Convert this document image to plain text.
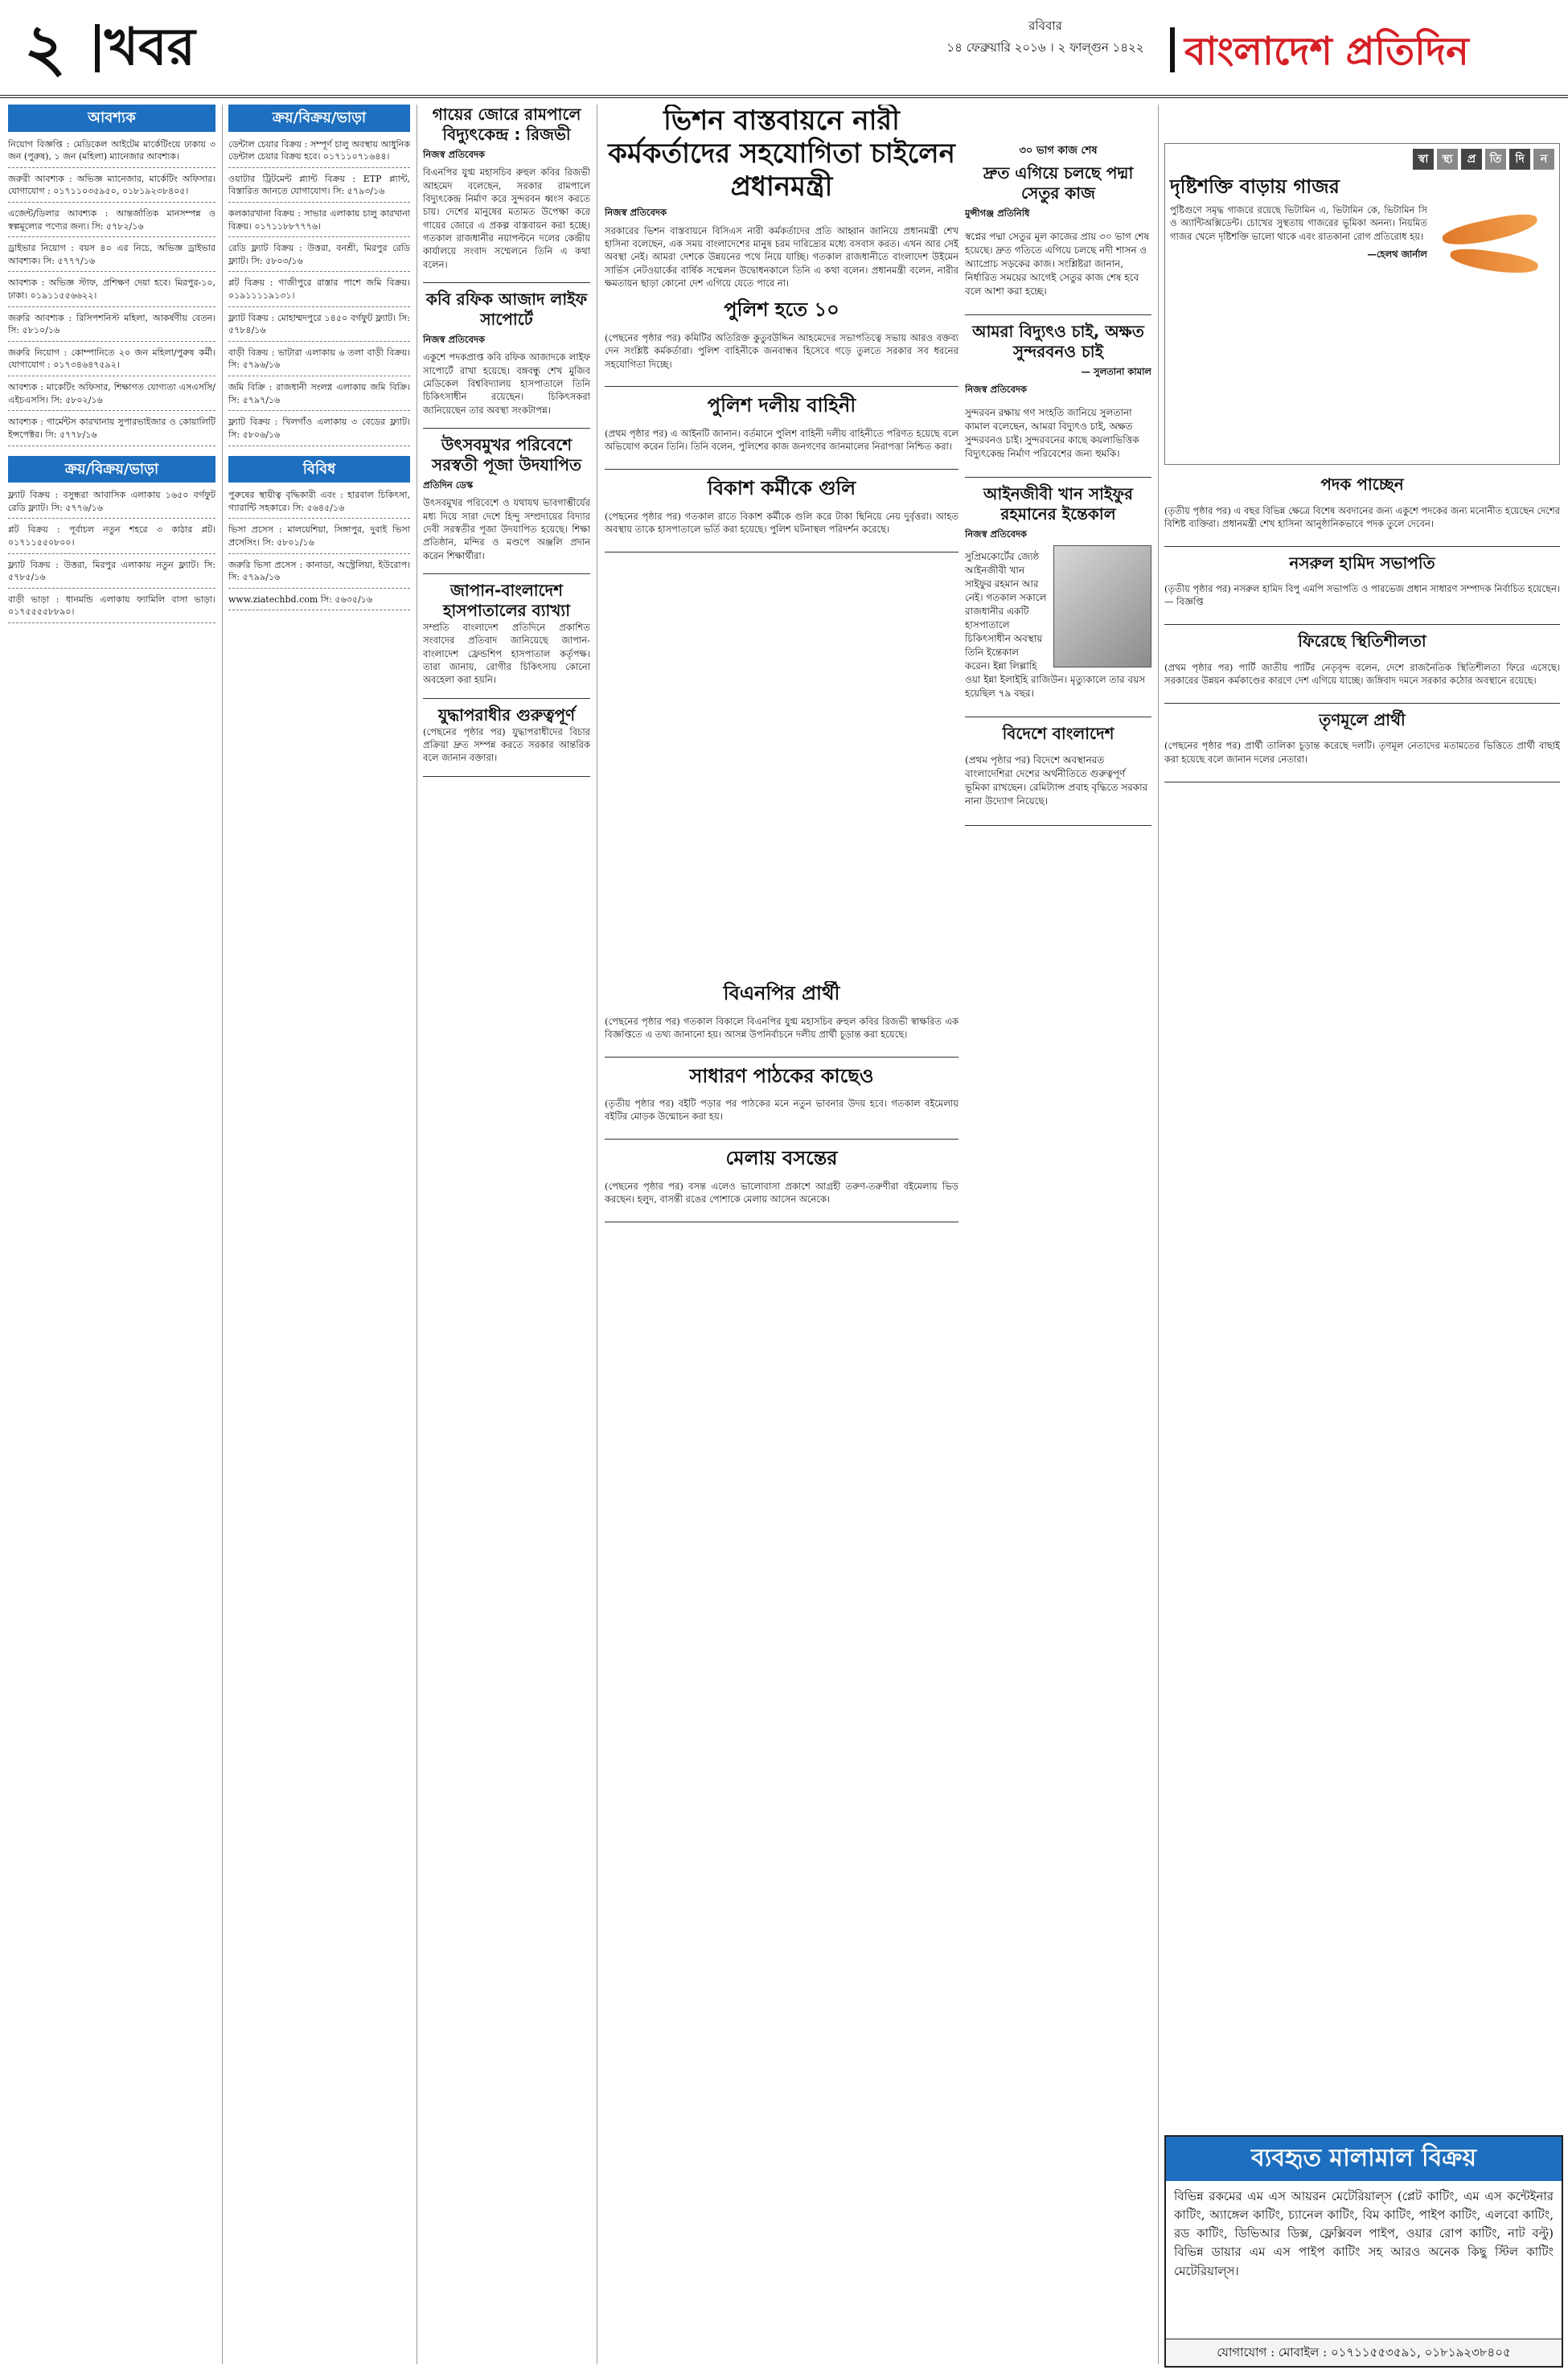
২ খবর	রবিবার
১৪ ফেব্রুয়ারি ২০১৬ । ২ ফাল্গুন ১৪২২	বাংলাদেশ প্রতিদিন
আবশ্যক
নিয়োগ বিজ্ঞপ্তি : মেডিকেল আইটেম মার্কেটিংয়ে ঢাকায় ৩ জন (পুরুষ), ১ জন (মহিলা) ম্যানেজার আবশ্যক।
জরুরী আবশ্যক : অভিজ্ঞ ম্যানেজার, মার্কেটিং অফিসার। যোগাযোগ : ০১৭১১০৩৫৯৫০, ০১৮১৯২৩৮৪০৫।
এজেন্ট/ডিলার আবশ্যক : আন্তর্জাতিক মানসম্পন্ন ও স্বল্পমূল্যের পণ্যের জন্য। সি: ৫৭৮২/১৬
ড্রাইভার নিয়োগ : বয়স ৪০ এর নিচে, অভিজ্ঞ ড্রাইভার আবশ্যক। সি: ৫৭৭৭/১৬
আবশ্যক : অভিজ্ঞ স্টাফ, প্রশিক্ষণ দেয়া হবে। মিরপুর-১০, ঢাকা। ০১৯১১৫৫৬৬২২।
জরুরি আবশ্যক : রিসিপশনিস্ট মহিলা, আকর্ষণীয় বেতন। সি: ৫৮১০/১৬
জরুরি নিয়োগ : কোম্পানিতে ২০ জন মহিলা/পুরুষ কর্মী। যোগাযোগ : ০১৭৩৪৬৪৭৫৯২।
আবশ্যক : মাকেটিং অফিসার, শিক্ষাগত যোগ্যতা এসএসসি/এইচএসসি। সি: ৫৮০২/১৬
আবশ্যক : গার্মেন্টস কারখানায় সুপারভাইজার ও কোয়ালিটি ইন্সপেক্টর। সি: ৫৭৭৮/১৬
ক্রয়/বিক্রয়/ভাড়া
ফ্ল্যাট বিক্রয় : বসুন্ধরা আবাসিক এলাকায় ১৬৫০ বর্গফুট রেডি ফ্ল্যাট। সি: ৫৭৭৬/১৬
প্লট বিক্রয় : পূর্বাচল নতুন শহরে ৩ কাঠার প্লট। ০১৭১১৫৫০৮০০।
ফ্ল্যাট বিক্রয় : উত্তরা, মিরপুর এলাকায় নতুন ফ্ল্যাট। সি: ৫৭৮৫/১৬
বাড়ী ভাড়া : ধানমন্ডি এলাকায় ফ্যামিলি বাসা ভাড়া। ০১৭৫৫৫৫৮৮৯০।
ক্রয়/বিক্রয়/ভাড়া
ডেন্টাল চেয়ার বিক্রয় : সম্পূর্ণ চালু অবস্থায় আধুনিক ডেন্টাল চেয়ার বিক্রয় হবে। ০১৭১১০৭১৬৪৪।
ওয়াটার ট্রিটমেন্ট প্ল্যান্ট বিক্রয় : ETP প্ল্যান্ট, বিস্তারিত জানতে যোগাযোগ। সি: ৫৭৯৩/১৬
কলকারখানা বিক্রয় : সাভার এলাকায় চালু কারখানা বিক্রয়। ০১৭১১৮৮৭৭৭৬।
রেডি ফ্ল্যাট বিক্রয় : উত্তরা, বনশ্রী, মিরপুর রেডি ফ্ল্যাট। সি: ৫৮০৩/১৬
প্লট বিক্রয় : গাজীপুরে রাস্তার পাশে জমি বিক্রয়। ০১৯১১১১৯১৩১।
ফ্ল্যাট বিক্রয় : মোহাম্মদপুরে ১৪৫০ বর্গফুট ফ্ল্যাট। সি: ৫৭৮৪/১৬
বাড়ী বিক্রয় : ভাটারা এলাকায় ৬ তলা বাড়ী বিক্রয়। সি: ৫৭৯৬/১৬
জমি বিক্রি : রাজধানী সংলগ্ন এলাকায় জমি বিক্রি। সি: ৫৭৯৭/১৬
ফ্ল্যাট বিক্রয় : খিলগাঁও এলাকায় ৩ বেডের ফ্ল্যাট। সি: ৫৮০৬/১৬
বিবিধ
পুরুষের স্থায়ীত্ব বৃদ্ধিকারী এবং : হারবাল চিকিৎসা, গ্যারান্টি সহকারে। সি: ৫৬৪৫/১৬
ভিসা প্রসেস : মালয়েশিয়া, সিঙ্গাপুর, দুবাই ভিসা প্রসেসিং। সি: ৫৮০১/১৬
জরুরি ভিসা প্রসেস : কানাডা, অস্ট্রেলিয়া, ইউরোপ। সি: ৫৭৯৯/১৬
www.ziatechbd.com সি: ৫৬৩৫/১৬
গায়ের জোরে রামপালে বিদ্যুৎকেন্দ্র : রিজভী
নিজস্ব প্রতিবেদক

বিএনপির যুগ্ম মহাসচিব রুহুল কবির রিজভী আহমেদ বলেছেন, সরকার রামপালে বিদ্যুৎকেন্দ্র নির্মাণ করে সুন্দরবন ধ্বংস করতে চায়। দেশের মানুষের মতামত উপেক্ষা করে গায়ের জোরে এ প্রকল্প বাস্তবায়ন করা হচ্ছে। গতকাল রাজধানীর নয়াপল্টনে দলের কেন্দ্রীয় কার্যালয়ে সংবাদ সম্মেলনে তিনি এ কথা বলেন।

কবি রফিক আজাদ লাইফ সাপোর্টে
নিজস্ব প্রতিবেদক

একুশে পদকপ্রাপ্ত কবি রফিক আজাদকে লাইফ সাপোর্টে রাখা হয়েছে। বঙ্গবন্ধু শেখ মুজিব মেডিকেল বিশ্ববিদ্যালয় হাসপাতালে তিনি চিকিৎসাধীন রয়েছেন। চিকিৎসকরা জানিয়েছেন তার অবস্থা সংকটাপন্ন।

উৎসবমুখর পরিবেশে সরস্বতী পূজা উদযাপিত
প্রতিদিন ডেস্ক

উৎসবমুখর পরিবেশে ও যথাযথ ভাবগাম্ভীর্যের মধ্য দিয়ে সারা দেশে হিন্দু সম্প্রদায়ের বিদ্যার দেবী সরস্বতীর পূজা উদযাপিত হয়েছে। শিক্ষা প্রতিষ্ঠান, মন্দির ও মণ্ডপে অঞ্জলি প্রদান করেন শিক্ষার্থীরা।

জাপান-বাংলাদেশ হাসপাতালের ব্যাখ্যা

সম্প্রতি বাংলাদেশ প্রতিদিনে প্রকাশিত সংবাদের প্রতিবাদ জানিয়েছে জাপান-বাংলাদেশ ফ্রেন্ডশিপ হাসপাতাল কর্তৃপক্ষ। তারা জানায়, রোগীর চিকিৎসায় কোনো অবহেলা করা হয়নি।

যুদ্ধাপরাধীর গুরুত্বপূর্ণ

(পেছনের পৃষ্ঠার পর) যুদ্ধাপরাধীদের বিচার প্রক্রিয়া দ্রুত সম্পন্ন করতে সরকার আন্তরিক বলে জানান বক্তারা।

ভিশন বাস্তবায়নে নারী কর্মকর্তাদের সহযোগিতা চাইলেন প্রধানমন্ত্রী
নিজস্ব প্রতিবেদক

সরকারের ভিশন বাস্তবায়নে বিসিএস নারী কর্মকর্তাদের প্রতি আহ্বান জানিয়ে প্রধানমন্ত্রী শেখ হাসিনা বলেছেন, এক সময় বাংলাদেশের মানুষ চরম দারিদ্র্যের মধ্যে বসবাস করত। এখন আর সেই অবস্থা নেই। আমরা দেশকে উন্নয়নের পথে নিয়ে যাচ্ছি। গতকাল রাজধানীতে বাংলাদেশ উইমেন সার্ভিস নেটওয়ার্কের বার্ষিক সম্মেলন উদ্বোধনকালে তিনি এ কথা বলেন। প্রধানমন্ত্রী বলেন, নারীর ক্ষমতায়ন ছাড়া কোনো দেশ এগিয়ে যেতে পারে না।

পুলিশ হতে ১০

(পেছনের পৃষ্ঠার পর) কমিটির অতিরিক্ত কুতুবউদ্দিন আহমেদের সভাপতিত্বে সভায় আরও বক্তব্য দেন সংশ্লিষ্ট কর্মকর্তারা। পুলিশ বাহিনীকে জনবান্ধব হিসেবে গড়ে তুলতে সরকার সব ধরনের সহযোগিতা দিচ্ছে।

পুলিশ দলীয় বাহিনী

(প্রথম পৃষ্ঠার পর) এ আইনটি জানান। বর্তমানে পুলিশ বাহিনী দলীয় বাহিনীতে পরিণত হয়েছে বলে অভিযোগ করেন তিনি। তিনি বলেন, পুলিশের কাজ জনগণের জানমালের নিরাপত্তা নিশ্চিত করা।

বিকাশ কর্মীকে গুলি

(পেছনের পৃষ্ঠার পর) গতকাল রাতে বিকাশ কর্মীকে গুলি করে টাকা ছিনিয়ে নেয় দুর্বৃত্তরা। আহত অবস্থায় তাকে হাসপাতালে ভর্তি করা হয়েছে। পুলিশ ঘটনাস্থল পরিদর্শন করেছে।

বিএনপির প্রার্থী

(পেছনের পৃষ্ঠার পর) গতকাল বিকালে বিএনপির যুগ্ম মহাসচিব রুহুল কবির রিজভী স্বাক্ষরিত এক বিজ্ঞপ্তিতে এ তথ্য জানানো হয়। আসন্ন উপনির্বাচনে দলীয় প্রার্থী চূড়ান্ত করা হয়েছে।

সাধারণ পাঠকের কাছেও

(তৃতীয় পৃষ্ঠার পর) বইটি পড়ার পর পাঠকের মনে নতুন ভাবনার উদয় হবে। গতকাল বইমেলায় বইটির মোড়ক উন্মোচন করা হয়।

মেলায় বসন্তের

(পেছনের পৃষ্ঠার পর) বসন্ত এলেও ভালোবাসা প্রকাশে আগ্রহী তরুণ-তরুণীরা বইমেলায় ভিড় করছেন। হলুদ, বাসন্তী রঙের পোশাকে মেলায় আসেন অনেকে।

৩০ ভাগ কাজ শেষ
দ্রুত এগিয়ে চলছে পদ্মা সেতুর কাজ
মুন্সীগঞ্জ প্রতিনিধি

স্বপ্নের পদ্মা সেতুর মূল কাজের প্রায় ৩০ ভাগ শেষ হয়েছে। দ্রুত গতিতে এগিয়ে চলছে নদী শাসন ও অ্যাপ্রোচ সড়কের কাজ। সংশ্লিষ্টরা জানান, নির্ধারিত সময়ের আগেই সেতুর কাজ শেষ হবে বলে আশা করা হচ্ছে।

আমরা বিদ্যুৎও চাই, অক্ষত সুন্দরবনও চাই
— সুলতানা কামাল
নিজস্ব প্রতিবেদক

সুন্দরবন রক্ষায় গণ সংহতি জানিয়ে সুলতানা কামাল বলেছেন, আমরা বিদ্যুৎও চাই, অক্ষত সুন্দরবনও চাই। সুন্দরবনের কাছে কয়লাভিত্তিক বিদ্যুৎকেন্দ্র নির্মাণ পরিবেশের জন্য হুমকি।

আইনজীবী খান সাইফুর রহমানের ইন্তেকাল
নিজস্ব প্রতিবেদক

সুপ্রিমকোর্টের জ্যেষ্ঠ আইনজীবী খান সাইফুর রহমান আর নেই। গতকাল সকালে রাজধানীর একটি হাসপাতালে চিকিৎসাধীন অবস্থায় তিনি ইন্তেকাল করেন। ইন্না লিল্লাহি ওয়া ইন্না ইলাইহি রাজিউন। মৃত্যুকালে তার বয়স হয়েছিল ৭৯ বছর।

বিদেশে বাংলাদেশ

(প্রথম পৃষ্ঠার পর) বিদেশে অবস্থানরত বাংলাদেশিরা দেশের অর্থনীতিতে গুরুত্বপূর্ণ ভূমিকা রাখছেন। রেমিট্যান্স প্রবাহ বৃদ্ধিতে সরকার নানা উদ্যোগ নিয়েছে।

স্বা	স্থ্য	প্র	তি	দি	ন
দৃষ্টিশক্তি বাড়ায় গাজর

পুষ্টিগুণে সমৃদ্ধ গাজরে রয়েছে ভিটামিন এ, ভিটামিন কে, ভিটামিন সি ও অ্যান্টিঅক্সিডেন্ট। চোখের সুস্থতায় গাজরের ভূমিকা অনন্য। নিয়মিত গাজর খেলে দৃষ্টিশক্তি ভালো থাকে এবং রাতকানা রোগ প্রতিরোধ হয়।

—হেলথ জার্নাল
পদক পাচ্ছেন

(তৃতীয় পৃষ্ঠার পর) এ বছর বিভিন্ন ক্ষেত্রে বিশেষ অবদানের জন্য একুশে পদকের জন্য মনোনীত হয়েছেন দেশের বিশিষ্ট ব্যক্তিরা। প্রধানমন্ত্রী শেখ হাসিনা আনুষ্ঠানিকভাবে পদক তুলে দেবেন।

নসরুল হামিদ সভাপতি

(তৃতীয় পৃষ্ঠার পর) নসরুল হামিদ বিপু এমপি সভাপতি ও পারভেজ প্রধান সাধারণ সম্পাদক নির্বাচিত হয়েছেন। — বিজ্ঞপ্তি

ফিরেছে স্থিতিশীলতা

(প্রথম পৃষ্ঠার পর) পার্টি জাতীয় পার্টির নেতৃবৃন্দ বলেন, দেশে রাজনৈতিক স্থিতিশীলতা ফিরে এসেছে। সরকারের উন্নয়ন কর্মকাণ্ডের কারণে দেশ এগিয়ে যাচ্ছে। জঙ্গিবাদ দমনে সরকার কঠোর অবস্থানে রয়েছে।

তৃণমূলে প্রার্থী

(পেছনের পৃষ্ঠার পর) প্রার্থী তালিকা চূড়ান্ত করেছে দলটি। তৃণমূল নেতাদের মতামতের ভিত্তিতে প্রার্থী বাছাই করা হয়েছে বলে জানান দলের নেতারা।

ব্যবহৃত মালামাল বিক্রয়
বিভিন্ন রকমের এম এস আয়রন মেটেরিয়াল্স (প্লেট কাটিং, এম এস কন্টেইনার কাটিং, অ্যাঙ্গেল কাটিং, চ্যানেল কাটিং, বিম কাটিং, পাইপ কাটিং, এলবো কাটিং, রড কাটিং, ডিভিআর ডিক্স, ফ্লেক্সিবল পাইপ, ওয়ার রোপ কাটিং, নাট বল্টু) বিভিন্ন ডায়ার এম এস পাইপ কাটিং সহ আরও অনেক কিছু স্টিল কাটিং মেটেরিয়াল্স।
যোগাযোগ : মোবাইল : ০১৭১১৫৫৩৫৯১, ০১৮১৯২৩৮৪০৫
